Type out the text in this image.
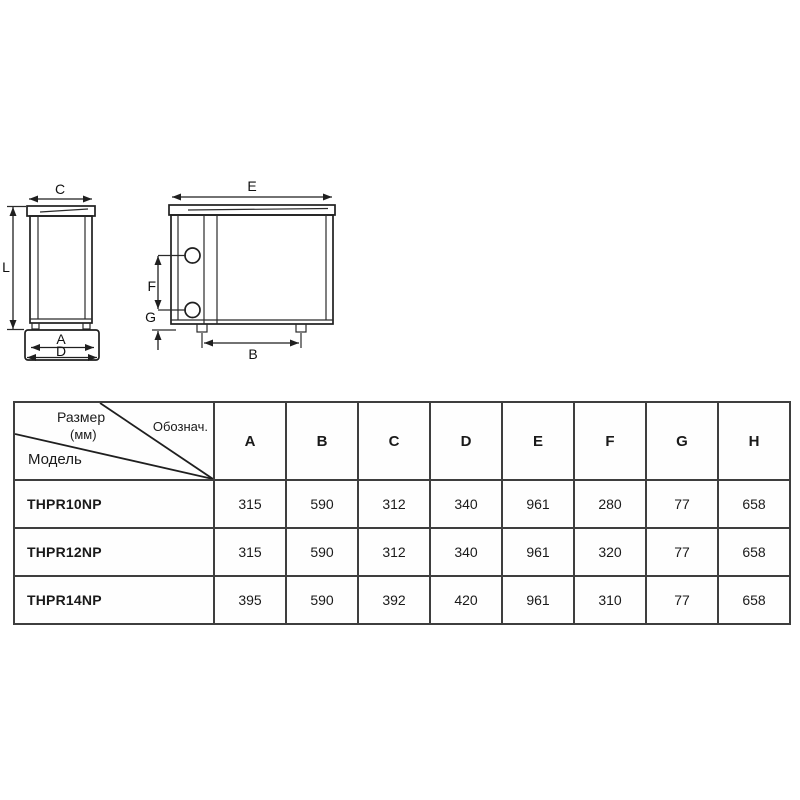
C
L
A
D
E
F
G
B
Размер
(мм)
Обознач.
Модель
A	B	C	D	E	F	G	H
THPR10NP	315	590	312	340	961	280	77	658
THPR12NP	315	590	312	340	961	320	77	658
THPR14NP	395	590	392	420	961	310	77	658
